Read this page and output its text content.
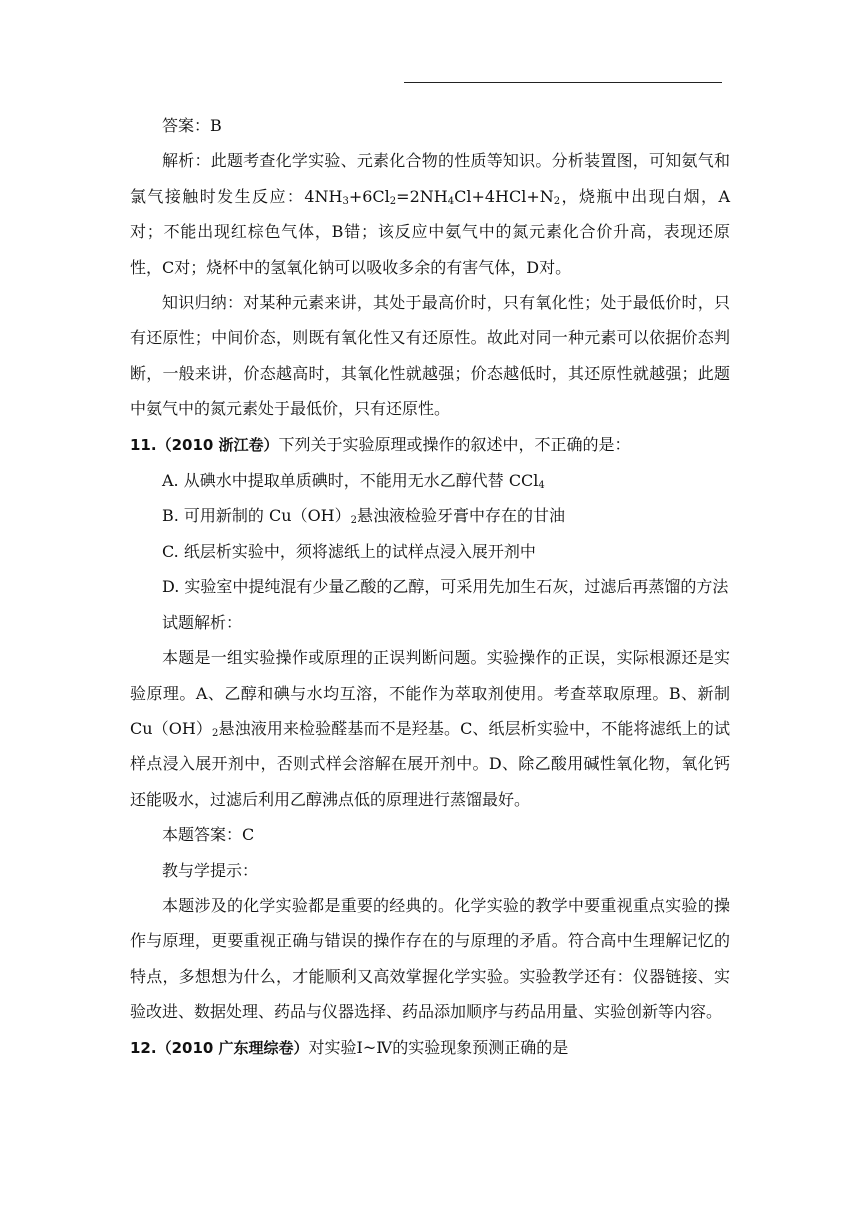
答案：B

解析：此题考查化学实验、元素化合物的性质等知识。分析装置图，可知氨气和氯气接触时发生反应：$4NH_3+6Cl_2=2NH_4Cl+4HCl+N_2$，烧瓶中出现白烟，A对；不能出现红棕色气体，B错；该反应中氨气中的氮元素化合价升高，表现还原性，C对；烧杯中的氢氧化钠可以吸收多余的有害气体，D对。

知识归纳：对某种元素来讲，其处于最高价时，只有氧化性；处于最低价时，只有还原性；中间价态，则既有氧化性又有还原性。故此对同一种元素可以依据价态判断，一般来讲，价态越高时，其氧化性就越强；价态越低时，其还原性就越强；此题中氨气中的氮元素处于最低价，只有还原性。

11.（2010 浙江卷）下列关于实验原理或操作的叙述中，不正确的是：

A. 从碘水中提取单质碘时，不能用无水乙醇代替 CCl$_4$

B. 可用新制的 $Cu(OH)_2$悬浊液检验牙膏中存在的甘油

C. 纸层析实验中，须将滤纸上的试样点浸入展开剂中

D. 实验室中提纯混有少量乙酸的乙醇，可采用先加生石灰，过滤后再蒸馏的方法

试题解析：

本题是一组实验操作或原理的正误判断问题。实验操作的正误，实际根源还是实验原理。A、乙醇和碘与水均互溶，不能作为萃取剂使用。考查萃取原理。B、新制 $Cu(OH)_2$悬浊液用来检验醛基而不是羟基。C、纸层析实验中，不能将滤纸上的试样点浸入展开剂中，否则式样会溶解在展开剂中。D、除乙酸用碱性氧化物，氧化钙还能吸水，过滤后利用乙醇沸点低的原理进行蒸馏最好。

本题答案：C

教与学提示：

本题涉及的化学实验都是重要的经典的。化学实验的教学中要重视重点实验的操作与原理，更要重视正确与错误的操作存在的与原理的矛盾。符合高中生理解记忆的特点，多想想为什么，才能顺利又高效掌握化学实验。实验教学还有：仪器链接、实验改进、数据处理、药品与仪器选择、药品添加顺序与药品用量、实验创新等内容。

12.（2010 广东理综卷）对实验Ⅰ~Ⅳ的实验现象预测正确的是
